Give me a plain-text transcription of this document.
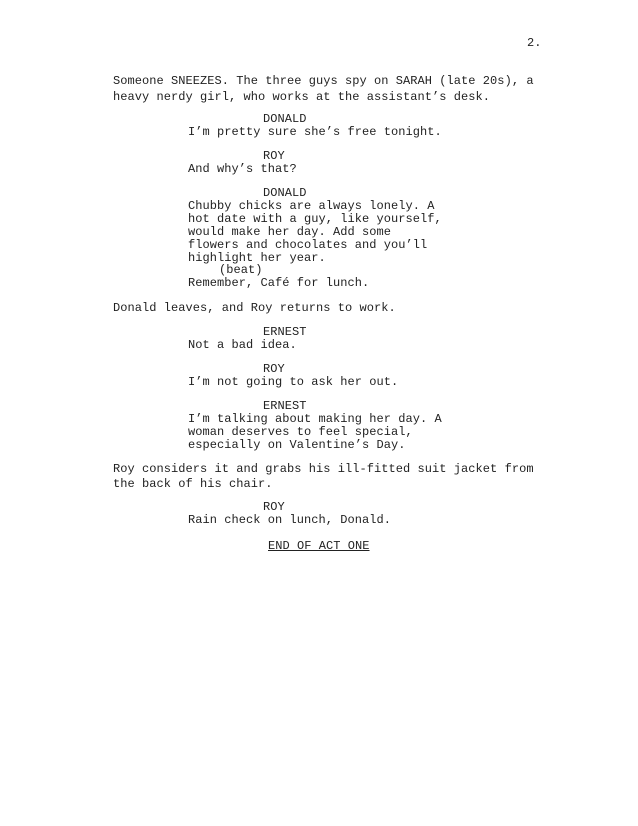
2.
Someone SNEEZES. The three guys spy on SARAH (late 20s), a
heavy nerdy girl, who works at the assistant’s desk.
DONALD
I’m pretty sure she’s free tonight.
ROY
And why’s that?
DONALD
Chubby chicks are always lonely. A
hot date with a guy, like yourself,
would make her day. Add some
flowers and chocolates and you’ll
highlight her year.
(beat)
Remember, Café for lunch.
Donald leaves, and Roy returns to work.
ERNEST
Not a bad idea.
ROY
I’m not going to ask her out.
ERNEST
I’m talking about making her day. A
woman deserves to feel special,
especially on Valentine’s Day.
Roy considers it and grabs his ill-fitted suit jacket from
the back of his chair.
ROY
Rain check on lunch, Donald.
END OF ACT ONE
